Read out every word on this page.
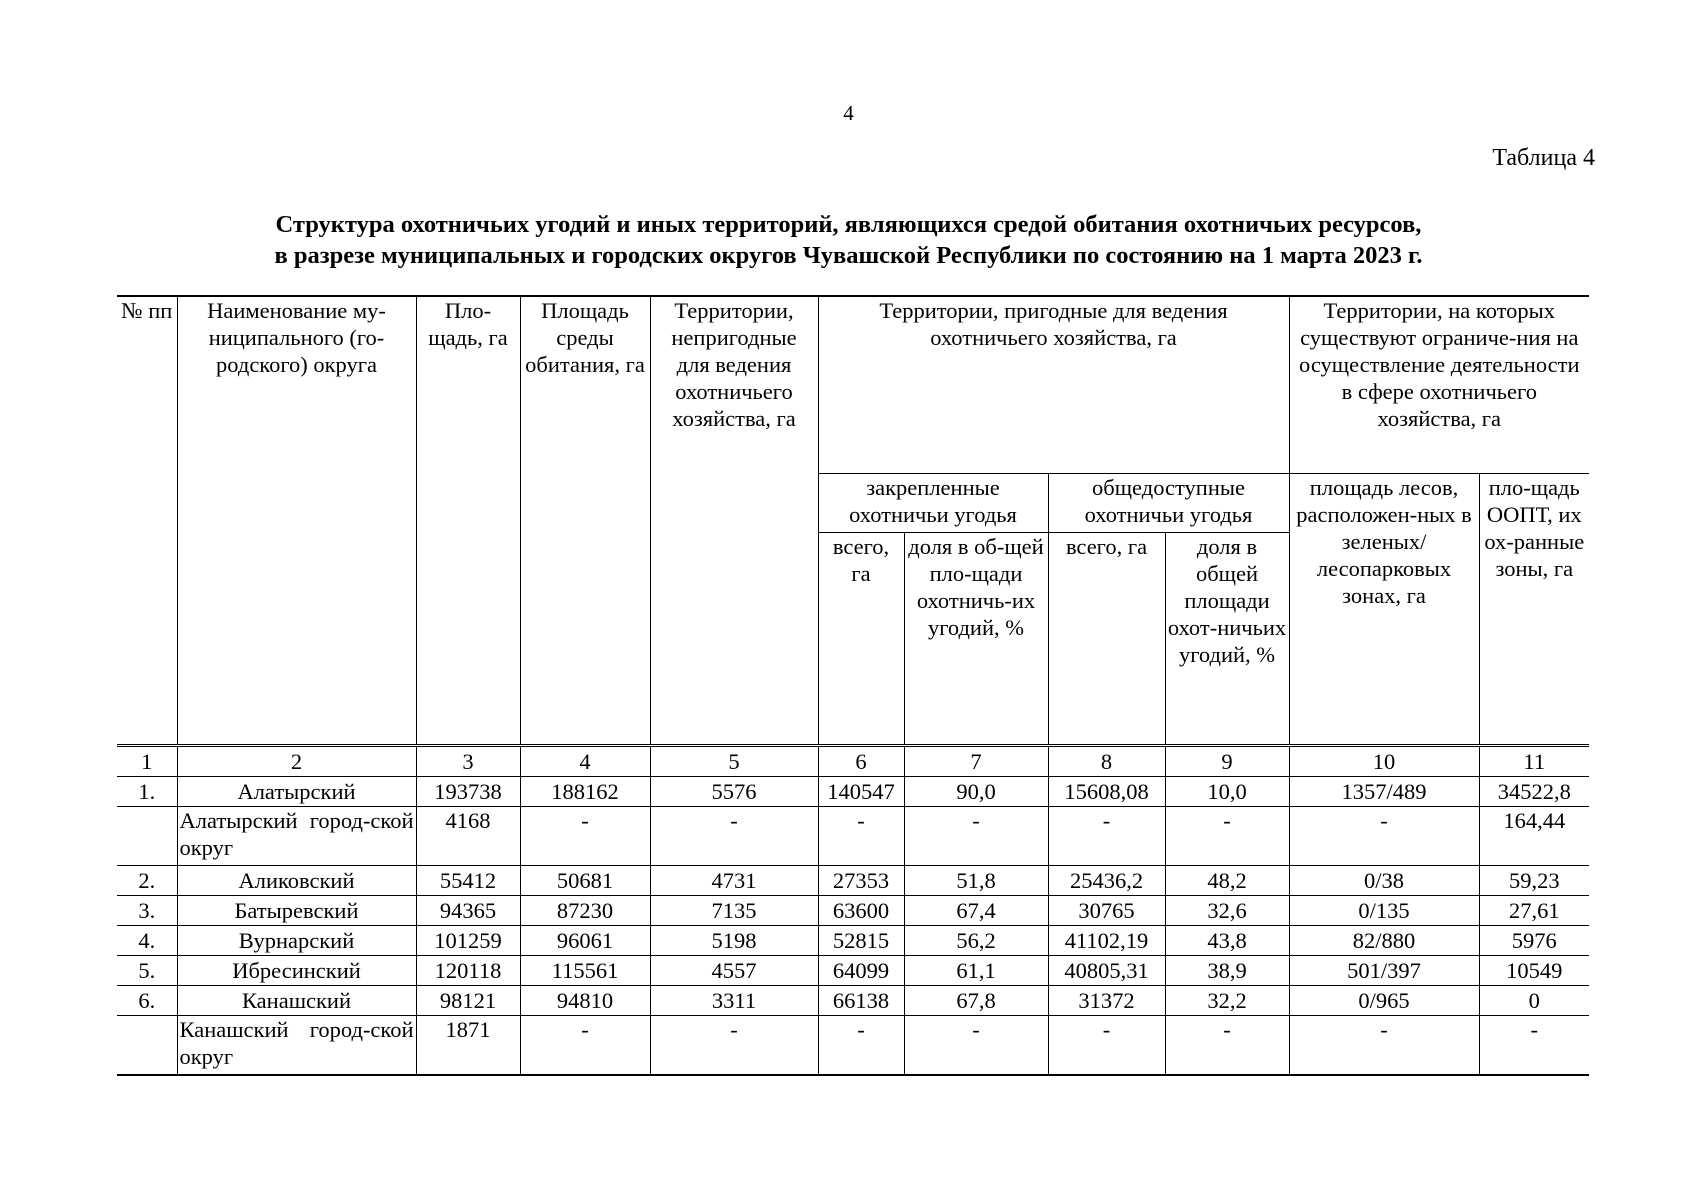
4
Таблица 4
Структура охотничьих угодий и иных территорий, являющихся средой обитания охотничьих ресурсов,
в разрезе муниципальных и городских округов Чувашской Республики по состоянию на 1 марта 2023 г.
№ пп	Наименование му-ниципального (го-родского) округа	Пло-щадь, га	Площадь среды обитания, га	Территории, непригодные для ведения охотничьего хозяйства, га	Территории, пригодные для ведения охотничьего хозяйства, га				Территории, на которых существуют ограниче-ния на осуществление деятельности в сфере охотничьего хозяйства, га	
					закрепленные охотничьи угодья		общедоступные охотничьи угодья		площадь лесов, расположен-ных в зеленых/ лесопарковых зонах, га	пло-щадь ООПТ, их ох-ранные зоны, га
					всего, га	доля в об-щей пло-щади охотничь-их угодий, %	всего, га	доля в общей площади охот-ничьих угодий, %		
1	2	3	4	5	6	7	8	9	10	11
1.	Алатырский	193738	188162	5576	140547	90,0	15608,08	10,0	1357/489	34522,8
	Алатырский город-ской округ	4168	-	-	-	-	-	-	-	164,44
2.	Аликовский	55412	50681	4731	27353	51,8	25436,2	48,2	0/38	59,23
3.	Батыревский	94365	87230	7135	63600	67,4	30765	32,6	0/135	27,61
4.	Вурнарский	101259	96061	5198	52815	56,2	41102,19	43,8	82/880	5976
5.	Ибресинский	120118	115561	4557	64099	61,1	40805,31	38,9	501/397	10549
6.	Канашский	98121	94810	3311	66138	67,8	31372	32,2	0/965	0
	Канашский город-ской округ	1871	-	-	-	-	-	-	-	-
